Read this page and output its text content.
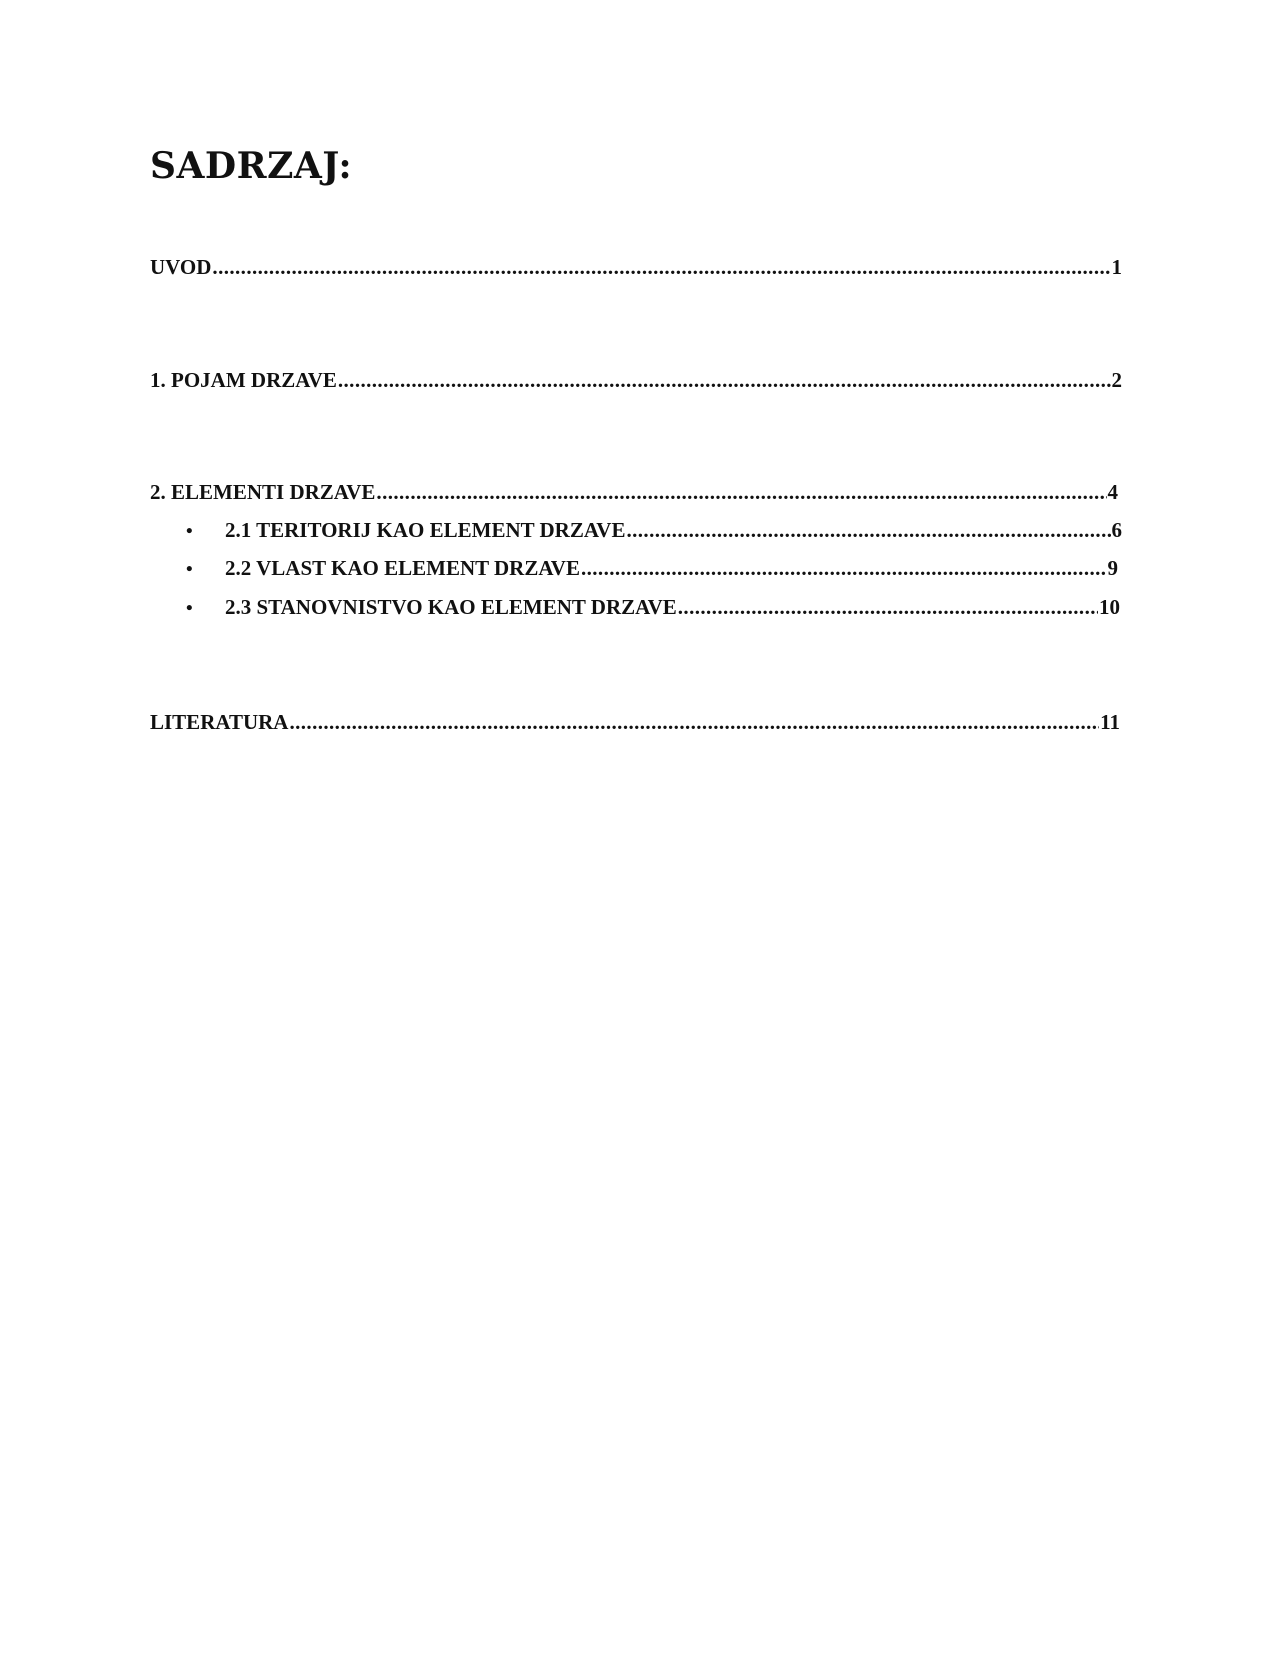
SADRZAJ:
UVOD .....	1
1. POJAM DRZAVE .....	2
2. ELEMENTI DRZAVE .....	4
•	2.1 TERITORIJ KAO ELEMENT DRZAVE .....	6
•	2.2 VLAST KAO ELEMENT DRZAVE .....	9
•	2.3 STANOVNISTVO KAO ELEMENT DRZAVE .....	10
LITERATURA .....	11
